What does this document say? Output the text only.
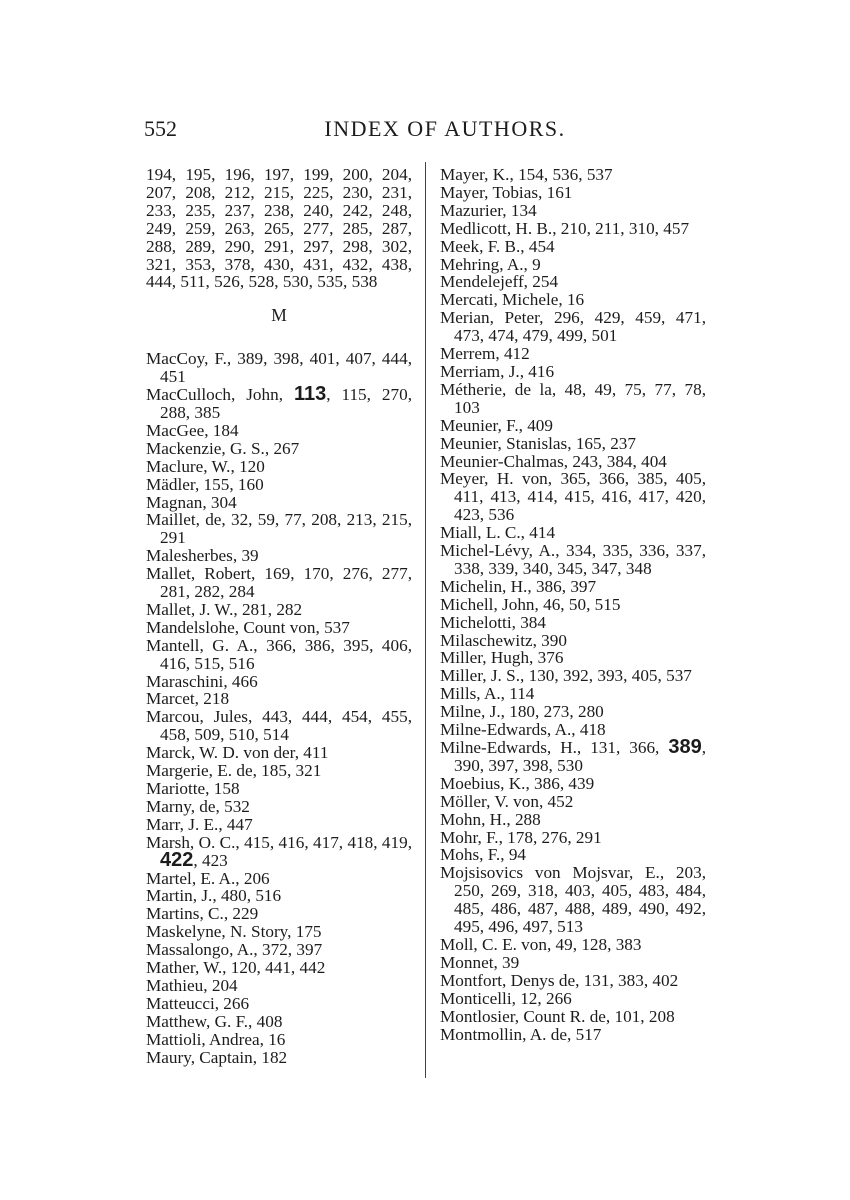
552	INDEX OF AUTHORS.

194, 195, 196, 197, 199, 200, 204, 207, 208, 212, 215, 225, 230, 231, 233, 235, 237, 238, 240, 242, 248, 249, 259, 263, 265, 277, 285, 287, 288, 289, 290, 291, 297, 298, 302, 321, 353, 378, 430, 431, 432, 438, 444, 511, 526, 528, 530, 535, 538

M

MacCoy, F., 389, 398, 401, 407, 444, 451

MacCulloch, John, 113, 115, 270, 288, 385

MacGee, 184

Mackenzie, G. S., 267

Maclure, W., 120

Mädler, 155, 160

Magnan, 304

Maillet, de, 32, 59, 77, 208, 213, 215, 291

Malesherbes, 39

Mallet, Robert, 169, 170, 276, 277, 281, 282, 284

Mallet, J. W., 281, 282

Mandelslohe, Count von, 537

Mantell, G. A., 366, 386, 395, 406, 416, 515, 516

Maraschini, 466

Marcet, 218

Marcou, Jules, 443, 444, 454, 455, 458, 509, 510, 514

Marck, W. D. von der, 411

Margerie, E. de, 185, 321

Mariotte, 158

Marny, de, 532

Marr, J. E., 447

Marsh, O. C., 415, 416, 417, 418, 419, 422, 423

Martel, E. A., 206

Martin, J., 480, 516

Martins, C., 229

Maskelyne, N. Story, 175

Massalongo, A., 372, 397

Mather, W., 120, 441, 442

Mathieu, 204

Matteucci, 266

Matthew, G. F., 408

Mattioli, Andrea, 16

Maury, Captain, 182

Mayer, K., 154, 536, 537

Mayer, Tobias, 161

Mazurier, 134

Medlicott, H. B., 210, 211, 310, 457

Meek, F. B., 454

Mehring, A., 9

Mendelejeff, 254

Mercati, Michele, 16

Merian, Peter, 296, 429, 459, 471, 473, 474, 479, 499, 501

Merrem, 412

Merriam, J., 416

Métherie, de la, 48, 49, 75, 77, 78, 103

Meunier, F., 409

Meunier, Stanislas, 165, 237

Meunier-Chalmas, 243, 384, 404

Meyer, H. von, 365, 366, 385, 405, 411, 413, 414, 415, 416, 417, 420, 423, 536

Miall, L. C., 414

Michel-Lévy, A., 334, 335, 336, 337, 338, 339, 340, 345, 347, 348

Michelin, H., 386, 397

Michell, John, 46, 50, 515

Michelotti, 384

Milaschewitz, 390

Miller, Hugh, 376

Miller, J. S., 130, 392, 393, 405, 537

Mills, A., 114

Milne, J., 180, 273, 280

Milne-Edwards, A., 418

Milne-Edwards, H., 131, 366, 389, 390, 397, 398, 530

Moebius, K., 386, 439

Möller, V. von, 452

Mohn, H., 288

Mohr, F., 178, 276, 291

Mohs, F., 94

Mojsisovics von Mojsvar, E., 203, 250, 269, 318, 403, 405, 483, 484, 485, 486, 487, 488, 489, 490, 492, 495, 496, 497, 513

Moll, C. E. von, 49, 128, 383

Monnet, 39

Montfort, Denys de, 131, 383, 402

Monticelli, 12, 266

Montlosier, Count R. de, 101, 208

Montmollin, A. de, 517
